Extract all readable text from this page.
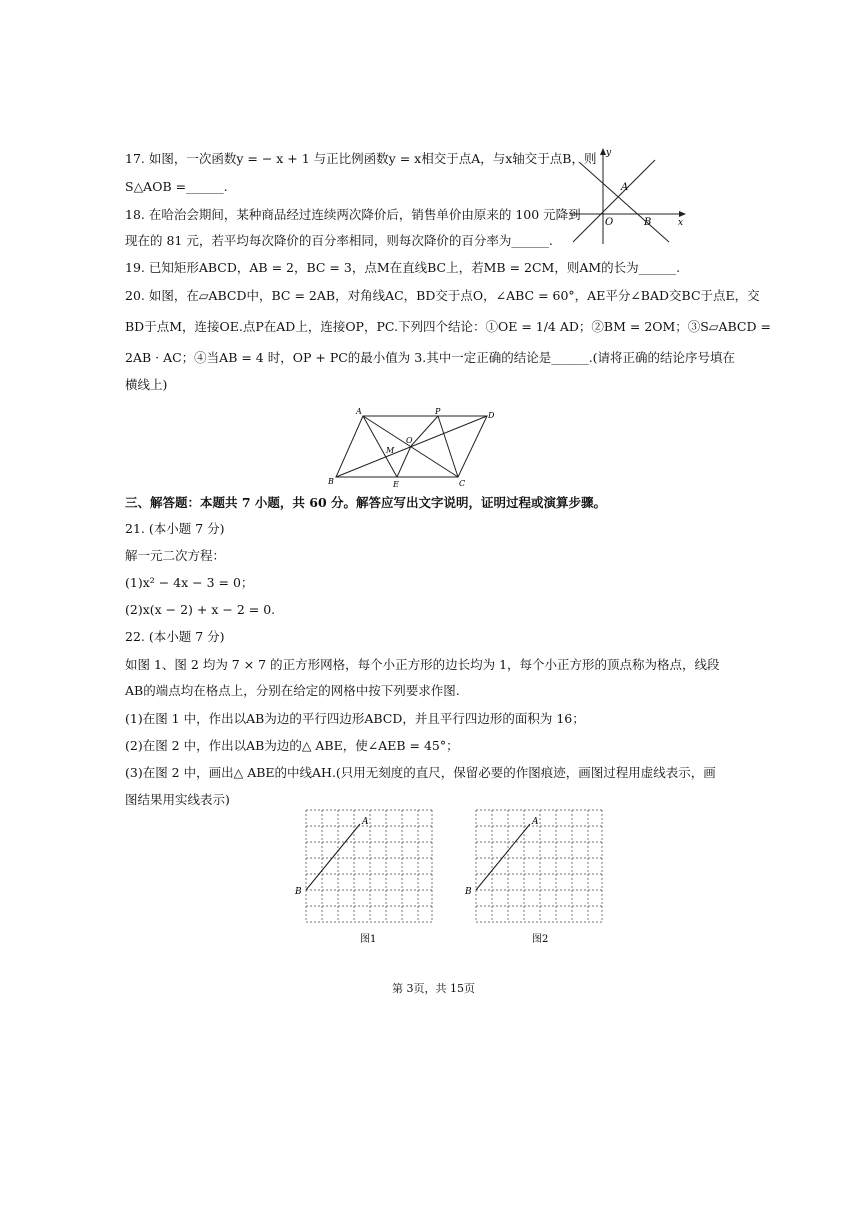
17. 如图，一次函数y = − x + 1 与正比例函数y = x相交于点A，与x轴交于点B，则
S△AOB =______.
y
A
O	B	x
18. 在哈治会期间，某种商品经过连续两次降价后，销售单价由原来的 100 元降到
现在的 81 元，若平均每次降价的百分率相同，则每次降价的百分率为______.
19. 已知矩形ABCD，AB = 2，BC = 3，点M在直线BC上，若MB = 2CM，则AM的长为______.
20. 如图，在▱ABCD中，BC = 2AB，对角线AC，BD交于点O，∠ABC = 60°，AE平分∠BAD交BC于点E，交
BD于点M，连接OE.点P在AD上，连接OP，PC.下列四个结论：①OE = 1/4 AD；②BM = 2OM；③S▱ABCD =
2AB · AC；④当AB = 4 时，OP + PC的最小值为 3.其中一定正确的结论是______.(请将正确的结论序号填在
横线上)
A	P	D
O
M
B	E	C
三、解答题：本题共 7 小题，共 60 分。解答应写出文字说明，证明过程或演算步骤。
21. (本小题 7 分)
解一元二次方程：
(1)x² − 4x − 3 = 0；
(2)x(x − 2) + x − 2 = 0.
22. (本小题 7 分)
如图 1、图 2 均为 7 × 7 的正方形网格，每个小正方形的边长均为 1，每个小正方形的顶点称为格点，线段
AB的端点均在格点上，分别在给定的网格中按下列要求作图.
(1)在图 1 中，作出以AB为边的平行四边形ABCD，并且平行四边形的面积为 16；
(2)在图 2 中，作出以AB为边的△ ABE，使∠AEB = 45°；
(3)在图 2 中，画出△ ABE的中线AH.(只用无刻度的直尺，保留必要的作图痕迹，画图过程用虚线表示，画
图结果用实线表示)
A
B
图1
A
B
图2
第 3页，共 15页
